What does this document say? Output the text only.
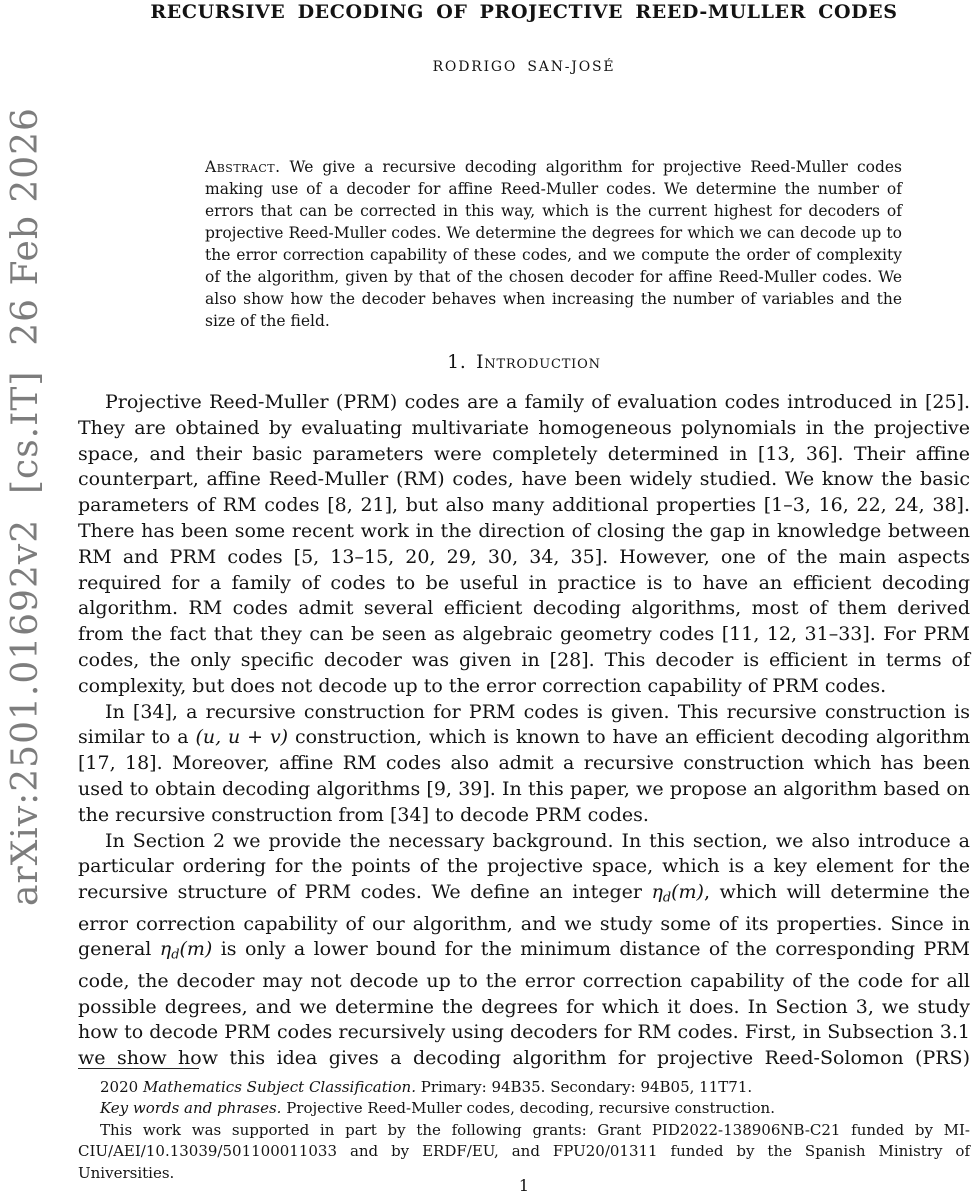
arXiv:2501.01692v2  [cs.IT]  26 Feb 2026
RECURSIVE DECODING OF PROJECTIVE REED-MULLER CODES
RODRIGO SAN-JOSÉ
Abstract. We give a recursive decoding algorithm for projective Reed-Muller codes making use of a decoder for affine Reed-Muller codes. We determine the number of errors that can be corrected in this way, which is the current highest for decoders of projective Reed-Muller codes. We determine the degrees for which we can decode up to the error correction capability of these codes, and we compute the order of complexity of the algorithm, given by that of the chosen decoder for affine Reed-Muller codes. We also show how the decoder behaves when increasing the number of variables and the size of the field.
1. Introduction

Projective Reed-Muller (PRM) codes are a family of evaluation codes introduced in [25]. They are obtained by evaluating multivariate homogeneous polynomials in the projective space, and their basic parameters were completely determined in [13, 36]. Their affine counterpart, affine Reed-Muller (RM) codes, have been widely studied. We know the basic parameters of RM codes [8, 21], but also many additional properties [1–3, 16, 22, 24, 38]. There has been some recent work in the direction of closing the gap in knowledge between RM and PRM codes [5, 13–15, 20, 29, 30, 34, 35]. However, one of the main aspects required for a family of codes to be useful in practice is to have an efficient decoding algorithm. RM codes admit several efficient decoding algorithms, most of them derived from the fact that they can be seen as algebraic geometry codes [11, 12, 31–33]. For PRM codes, the only specific decoder was given in [28]. This decoder is efficient in terms of complexity, but does not decode up to the error correction capability of PRM codes.

In [34], a recursive construction for PRM codes is given. This recursive construction is similar to a (u, u + v) construction, which is known to have an efficient decoding algorithm [17, 18]. Moreover, affine RM codes also admit a recursive construction which has been used to obtain decoding algorithms [9, 39]. In this paper, we propose an algorithm based on the recursive construction from [34] to decode PRM codes.

In Section 2 we provide the necessary background. In this section, we also introduce a particular ordering for the points of the projective space, which is a key element for the recursive structure of PRM codes. We define an integer ηd(m), which will determine the error correction capability of our algorithm, and we study some of its properties. Since in general ηd(m) is only a lower bound for the minimum distance of the corresponding PRM code, the decoder may not decode up to the error correction capability of the code for all possible degrees, and we determine the degrees for which it does. In Section 3, we study how to decode PRM codes recursively using decoders for RM codes. First, in Subsection 3.1 we show how this idea gives a decoding algorithm for projective Reed-Solomon (PRS)

2020 Mathematics Subject Classification. Primary: 94B35. Secondary: 94B05, 11T71.

Key words and phrases. Projective Reed-Muller codes, decoding, recursive construction.

This work was supported in part by the following grants: Grant PID2022-138906NB-C21 funded by MI-CIU/AEI/10.13039/501100011033 and by ERDF/EU, and FPU20/01311 funded by the Spanish Ministry of Universities.

1
